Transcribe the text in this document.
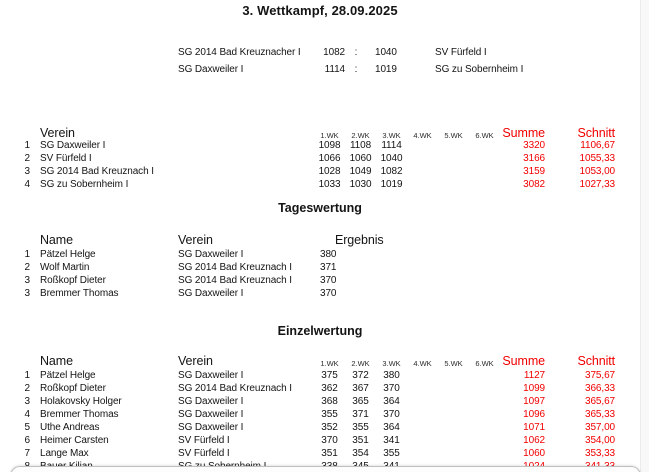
3. Wettkampf, 28.09.2025
SG 2014 Bad Kreuznacher I	1082 :	1040	SV Fürfeld I
SG Daxweiler I	1114 :	1019	SG zu Sobernheim I
Verein	1.WK	2.WK	3.WK	4.WK	5.WK	6.WK Summe	Schnitt
1 SG Daxweiler I	1098 1108	1114	3320	1106,67
2 SV Fürfeld I	1066 1060 1040	3166	1055,33
3 SG 2014 Bad Kreuznach I	1028 1049 1082	3159	1053,00
4 SG zu Sobernheim I	1033 1030 1019	3082	1027,33
Tageswertung
Name	Verein	Ergebnis
1 Pätzel Helge	SG Daxweiler I	380
2 Wolf Martin	SG 2014 Bad Kreuznach I	371
3 Roßkopf Dieter	SG 2014 Bad Kreuznach I	370
3 Bremmer Thomas	SG Daxweiler I	370
Einzelwertung
Name	Verein	1.WK	2.WK	3.WK	4.WK	5.WK	6.WK Summe	Schnitt
1 Pätzel Helge	SG Daxweiler I	375	372	380	1127	375,67
2 Roßkopf Dieter	SG 2014 Bad Kreuznach I	362	367	370	1099	366,33
3 Holakovsky Holger	SG Daxweiler I	368	365	364	1097	365,67
4 Bremmer Thomas	SG Daxweiler I	355	371	370	1096	365,33
5 Uthe Andreas	SG Daxweiler I	352	355	364	1071	357,00
6 Heimer Carsten	SV Fürfeld I	370	351	341	1062	354,00
7 Lange Max	SV Fürfeld I	351	354	355	1060	353,33
